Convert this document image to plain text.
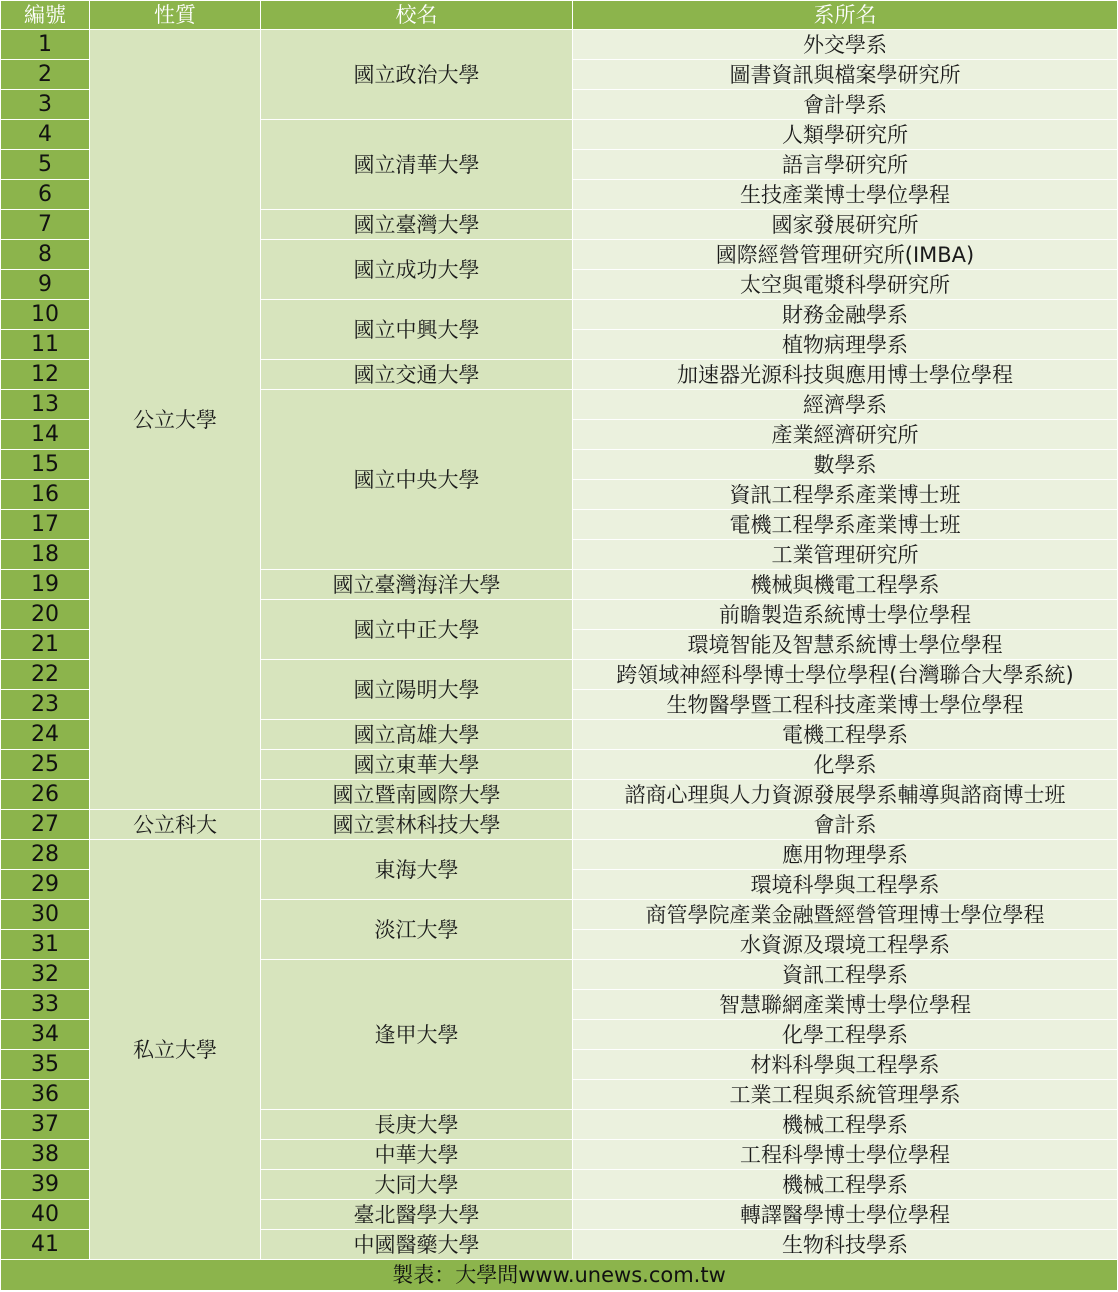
編號	性質	校名	系所名
1	公立大學	國立政治大學	外交學系
2			圖書資訊與檔案學研究所
3			會計學系
4		國立清華大學	人類學研究所
5			語言學研究所
6			生技產業博士學位學程
7		國立臺灣大學	國家發展研究所
8		國立成功大學	國際經營管理研究所(IMBA)
9			太空與電漿科學研究所
10		國立中興大學	財務金融學系
11			植物病理學系
12		國立交通大學	加速器光源科技與應用博士學位學程
13		國立中央大學	經濟學系
14			產業經濟研究所
15			數學系
16			資訊工程學系產業博士班
17			電機工程學系產業博士班
18			工業管理研究所
19		國立臺灣海洋大學	機械與機電工程學系
20		國立中正大學	前瞻製造系統博士學位學程
21			環境智能及智慧系統博士學位學程
22		國立陽明大學	跨領域神經科學博士學位學程(台灣聯合大學系統)
23			生物醫學暨工程科技產業博士學位學程
24		國立高雄大學	電機工程學系
25		國立東華大學	化學系
26		國立暨南國際大學	諮商心理與人力資源發展學系輔導與諮商博士班
27	公立科大	國立雲林科技大學	會計系
28	私立大學	東海大學	應用物理學系
29			環境科學與工程學系
30		淡江大學	商管學院產業金融暨經營管理博士學位學程
31			水資源及環境工程學系
32		逢甲大學	資訊工程學系
33			智慧聯網產業博士學位學程
34			化學工程學系
35			材料科學與工程學系
36			工業工程與系統管理學系
37		長庚大學	機械工程學系
38		中華大學	工程科學博士學位學程
39		大同大學	機械工程學系
40		臺北醫學大學	轉譯醫學博士學位學程
41		中國醫藥大學	生物科技學系
製表：大學問www.unews.com.tw			
